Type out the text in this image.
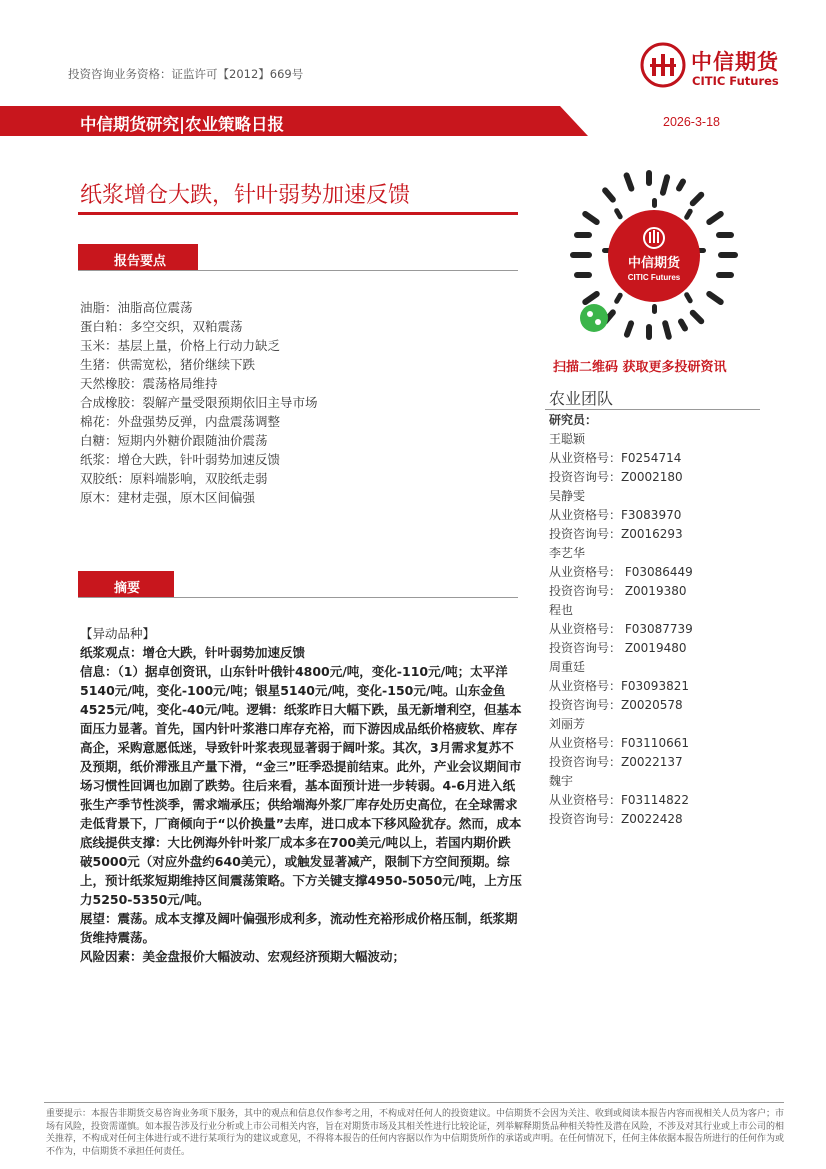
投资咨询业务资格：证监许可【2012】669号	中信期货
CITIC Futures
中信期货研究|农业策略日报	2026-3-18
纸浆增仓大跌，针叶弱势加速反馈
报告要点
油脂：油脂高位震荡
蛋白粕：多空交织，双粕震荡
玉米：基层上量，价格上行动力缺乏
生猪：供需宽松，猪价继续下跌
天然橡胶：震荡格局维持
合成橡胶：裂解产量受限预期依旧主导市场
棉花：外盘强势反弹，内盘震荡调整
白糖：短期内外糖价跟随油价震荡
纸浆：增仓大跌，针叶弱势加速反馈
双胶纸：原料端影响，双胶纸走弱
原木：建材走强，原木区间偏强
摘要
【异动品种】
纸浆观点：增仓大跌，针叶弱势加速反馈
信息：（1）据卓创资讯，山东针叶俄针4800元/吨，变化-110元/吨；太平洋5140元/吨，变化-100元/吨；银星5140元/吨，变化-150元/吨。山东金鱼4525元/吨，变化-40元/吨。逻辑：纸浆昨日大幅下跌，虽无新增利空，但基本面压力显著。首先，国内针叶浆港口库存充裕，而下游因成品纸价格疲软、库存高企，采购意愿低迷，导致针叶浆表现显著弱于阔叶浆。其次，3月需求复苏不及预期，纸价滞涨且产量下滑，“金三”旺季恐提前结束。此外，产业会议期间市场习惯性回调也加剧了跌势。往后来看，基本面预计进一步转弱。4-6月进入纸张生产季节性淡季，需求端承压；供给端海外浆厂库存处历史高位，在全球需求走低背景下，厂商倾向于“以价换量”去库，进口成本下移风险犹存。然而，成本底线提供支撑：大比例海外针叶浆厂成本多在700美元/吨以上，若国内期价跌破5000元（对应外盘约640美元），或触发显著减产，限制下方空间预期。综上，预计纸浆短期维持区间震荡策略。下方关键支撑4950-5050元/吨，上方压力5250-5350元/吨。
展望：震荡。成本支撑及阔叶偏强形成利多，流动性充裕形成价格压制，纸浆期货维持震荡。
风险因素：美金盘报价大幅波动、宏观经济预期大幅波动；
中信期货
CITIC Futures
扫描二维码 获取更多投研资讯
农业团队
研究员：
王聪颖
从业资格号：F0254714
投资咨询号：Z0002180
吴静雯
从业资格号：F3083970
投资咨询号：Z0016293
李艺华
从业资格号： F03086449
投资咨询号： Z0019380
程也
从业资格号： F03087739
投资咨询号： Z0019480
周重廷
从业资格号：F03093821
投资咨询号：Z0020578
刘丽芳
从业资格号：F03110661
投资咨询号：Z0022137
魏宇
从业资格号：F03114822
投资咨询号：Z0022428
重要提示：本报告非期货交易咨询业务项下服务，其中的观点和信息仅作参考之用，不构成对任何人的投资建议。中信期货不会因为关注、收到或阅读本报告内容而视相关人员为客户；市场有风险，投资需谨慎。如本报告涉及行业分析或上市公司相关内容，旨在对期货市场及其相关性进行比较论证，列举解释期货品种相关特性及潜在风险，不涉及对其行业或上市公司的相关推荐，不构成对任何主体进行或不进行某项行为的建议或意见，不得将本报告的任何内容据以作为中信期货所作的承诺或声明。在任何情况下，任何主体依据本报告所进行的任何作为或不作为，中信期货不承担任何责任。
